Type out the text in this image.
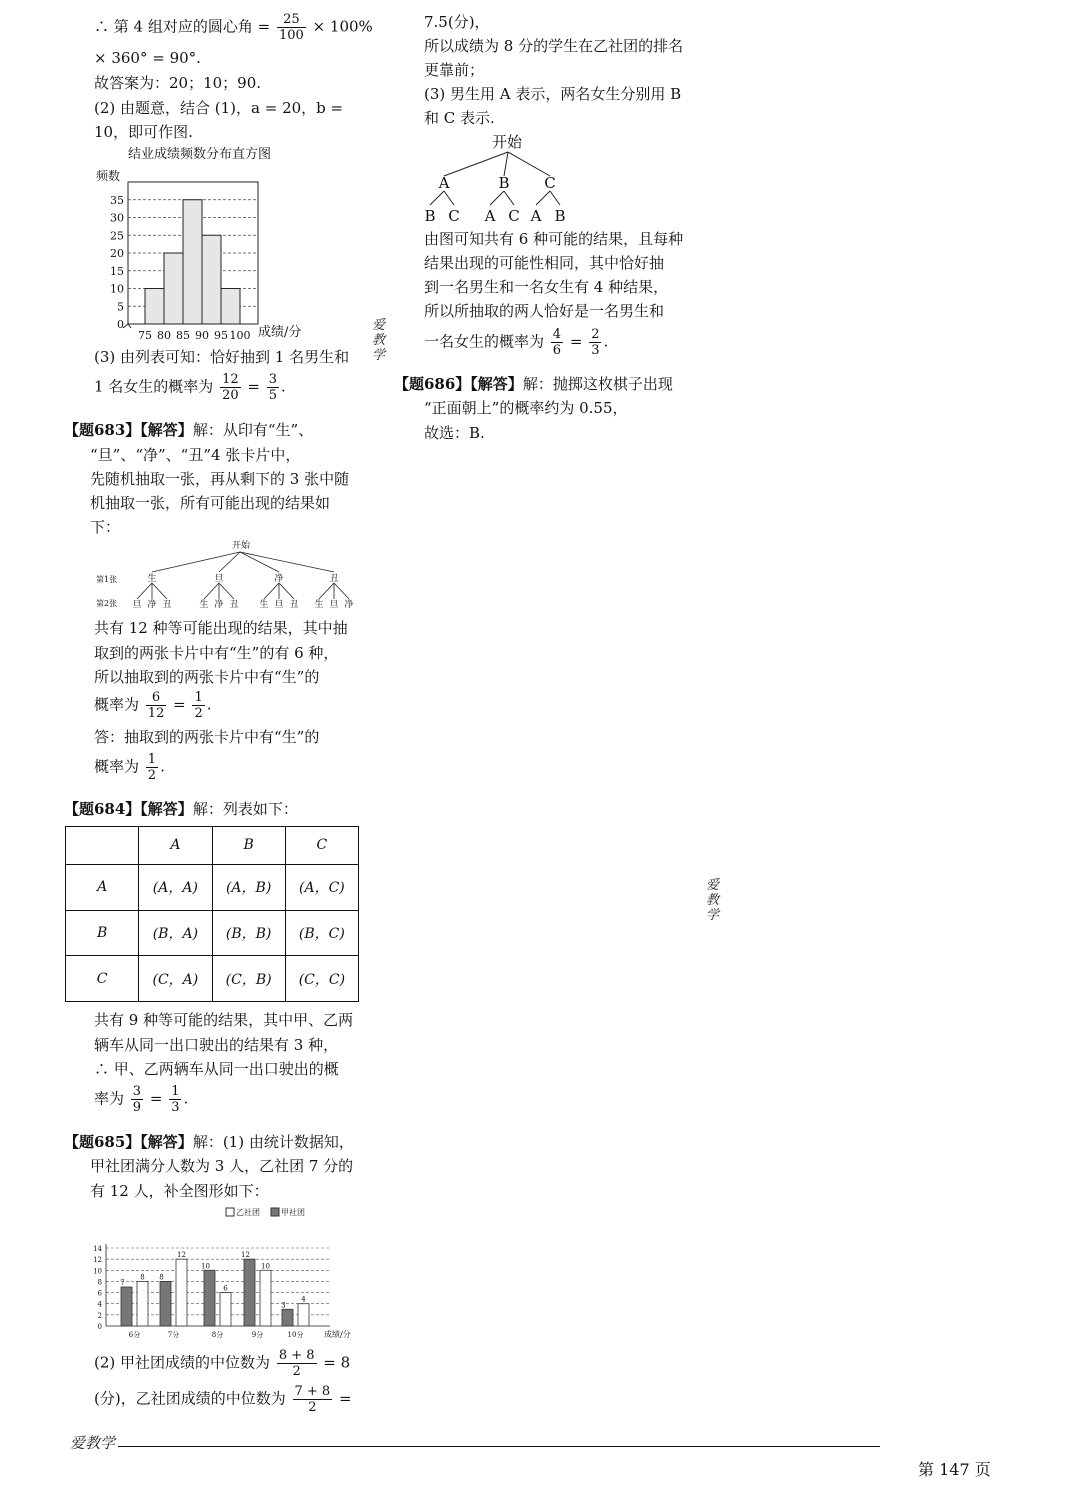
∴ 第 4 组对应的圆心角 = $\frac{25}{100} \times 100\%$
× 360° = 90°.
故答案为：20；10；90.
(2) 由题意，结合 (1)，a = 20，b =
10，即可作图.
结业成绩频数分布直方图
频数
0
5
10
15
20
25
30
35
75 80 85 90 95 100 成绩/分
(3) 由列表可知：恰好抽到 1 名男生和
1 名女生的概率为 $\frac{12}{20} = \frac{3}{5}$ .
【题683】【解答】解：从印有“生”、
“旦”、“净”、“丑”4 张卡片中，
先随机抽取一张，再从剩下的 3 张中随
机抽取一张，所有可能出现的结果如
下：
开始
第1张
第2张
生
旦 净 丑
旦
生 净 丑
净
生 旦 丑
丑
生 旦 净
共有 12 种等可能出现的结果，其中抽
取到的两张卡片中有“生”的有 6 种，
所以抽取到的两张卡片中有“生”的
概率为 $\frac{6}{12} = \frac{1}{2}$ .
答：抽取到的两张卡片中有“生”的
概率为 $\frac{1}{2}$ .
【题684】【解答】解：列表如下：
	A	B	C
A	(A，A)	(A，B)	(A，C)
B	(B，A)	(B，B)	(B，C)
C	(C，A)	(C，B)	(C，C)
共有 9 种等可能的结果，其中甲、乙两
辆车从同一出口驶出的结果有 3 种，
∴ 甲、乙两辆车从同一出口驶出的概
率为 $\frac{3}{9} = \frac{1}{3}$ .
【题685】【解答】解：(1) 由统计数据知，
甲社团满分人数为 3 人，乙社团 7 分的
有 12 人，补全图形如下：
乙社团	甲社团
成绩/分
0
2
4
6
8
10
12
14
7
8
6分
8
12
7分
10
6
8分
12
10
9分
3
4
10分
(2) 甲社团成绩的中位数为 $\frac{8 + 8}{2} = 8$
(分)，乙社团成绩的中位数为 $\frac{7 + 8}{2}$ =
7.5(分)，
所以成绩为 8 分的学生在乙社团的排名
更靠前；
(3) 男生用 A 表示，两名女生分别用 B
和 C 表示.
开始
A
B C
B
A C
C
A B
由图可知共有 6 种可能的结果，且每种
结果出现的可能性相同，其中恰好抽
到一名男生和一名女生有 4 种结果，
所以所抽取的两人恰好是一名男生和
一名女生的概率为 $\frac{4}{6} = \frac{2}{3}$ .
【题686】【解答】解：抛掷这枚棋子出现
“正面朝上”的概率约为 0.55，
故选：B.
爱教学
爱教学
爱教学
第 147 页
